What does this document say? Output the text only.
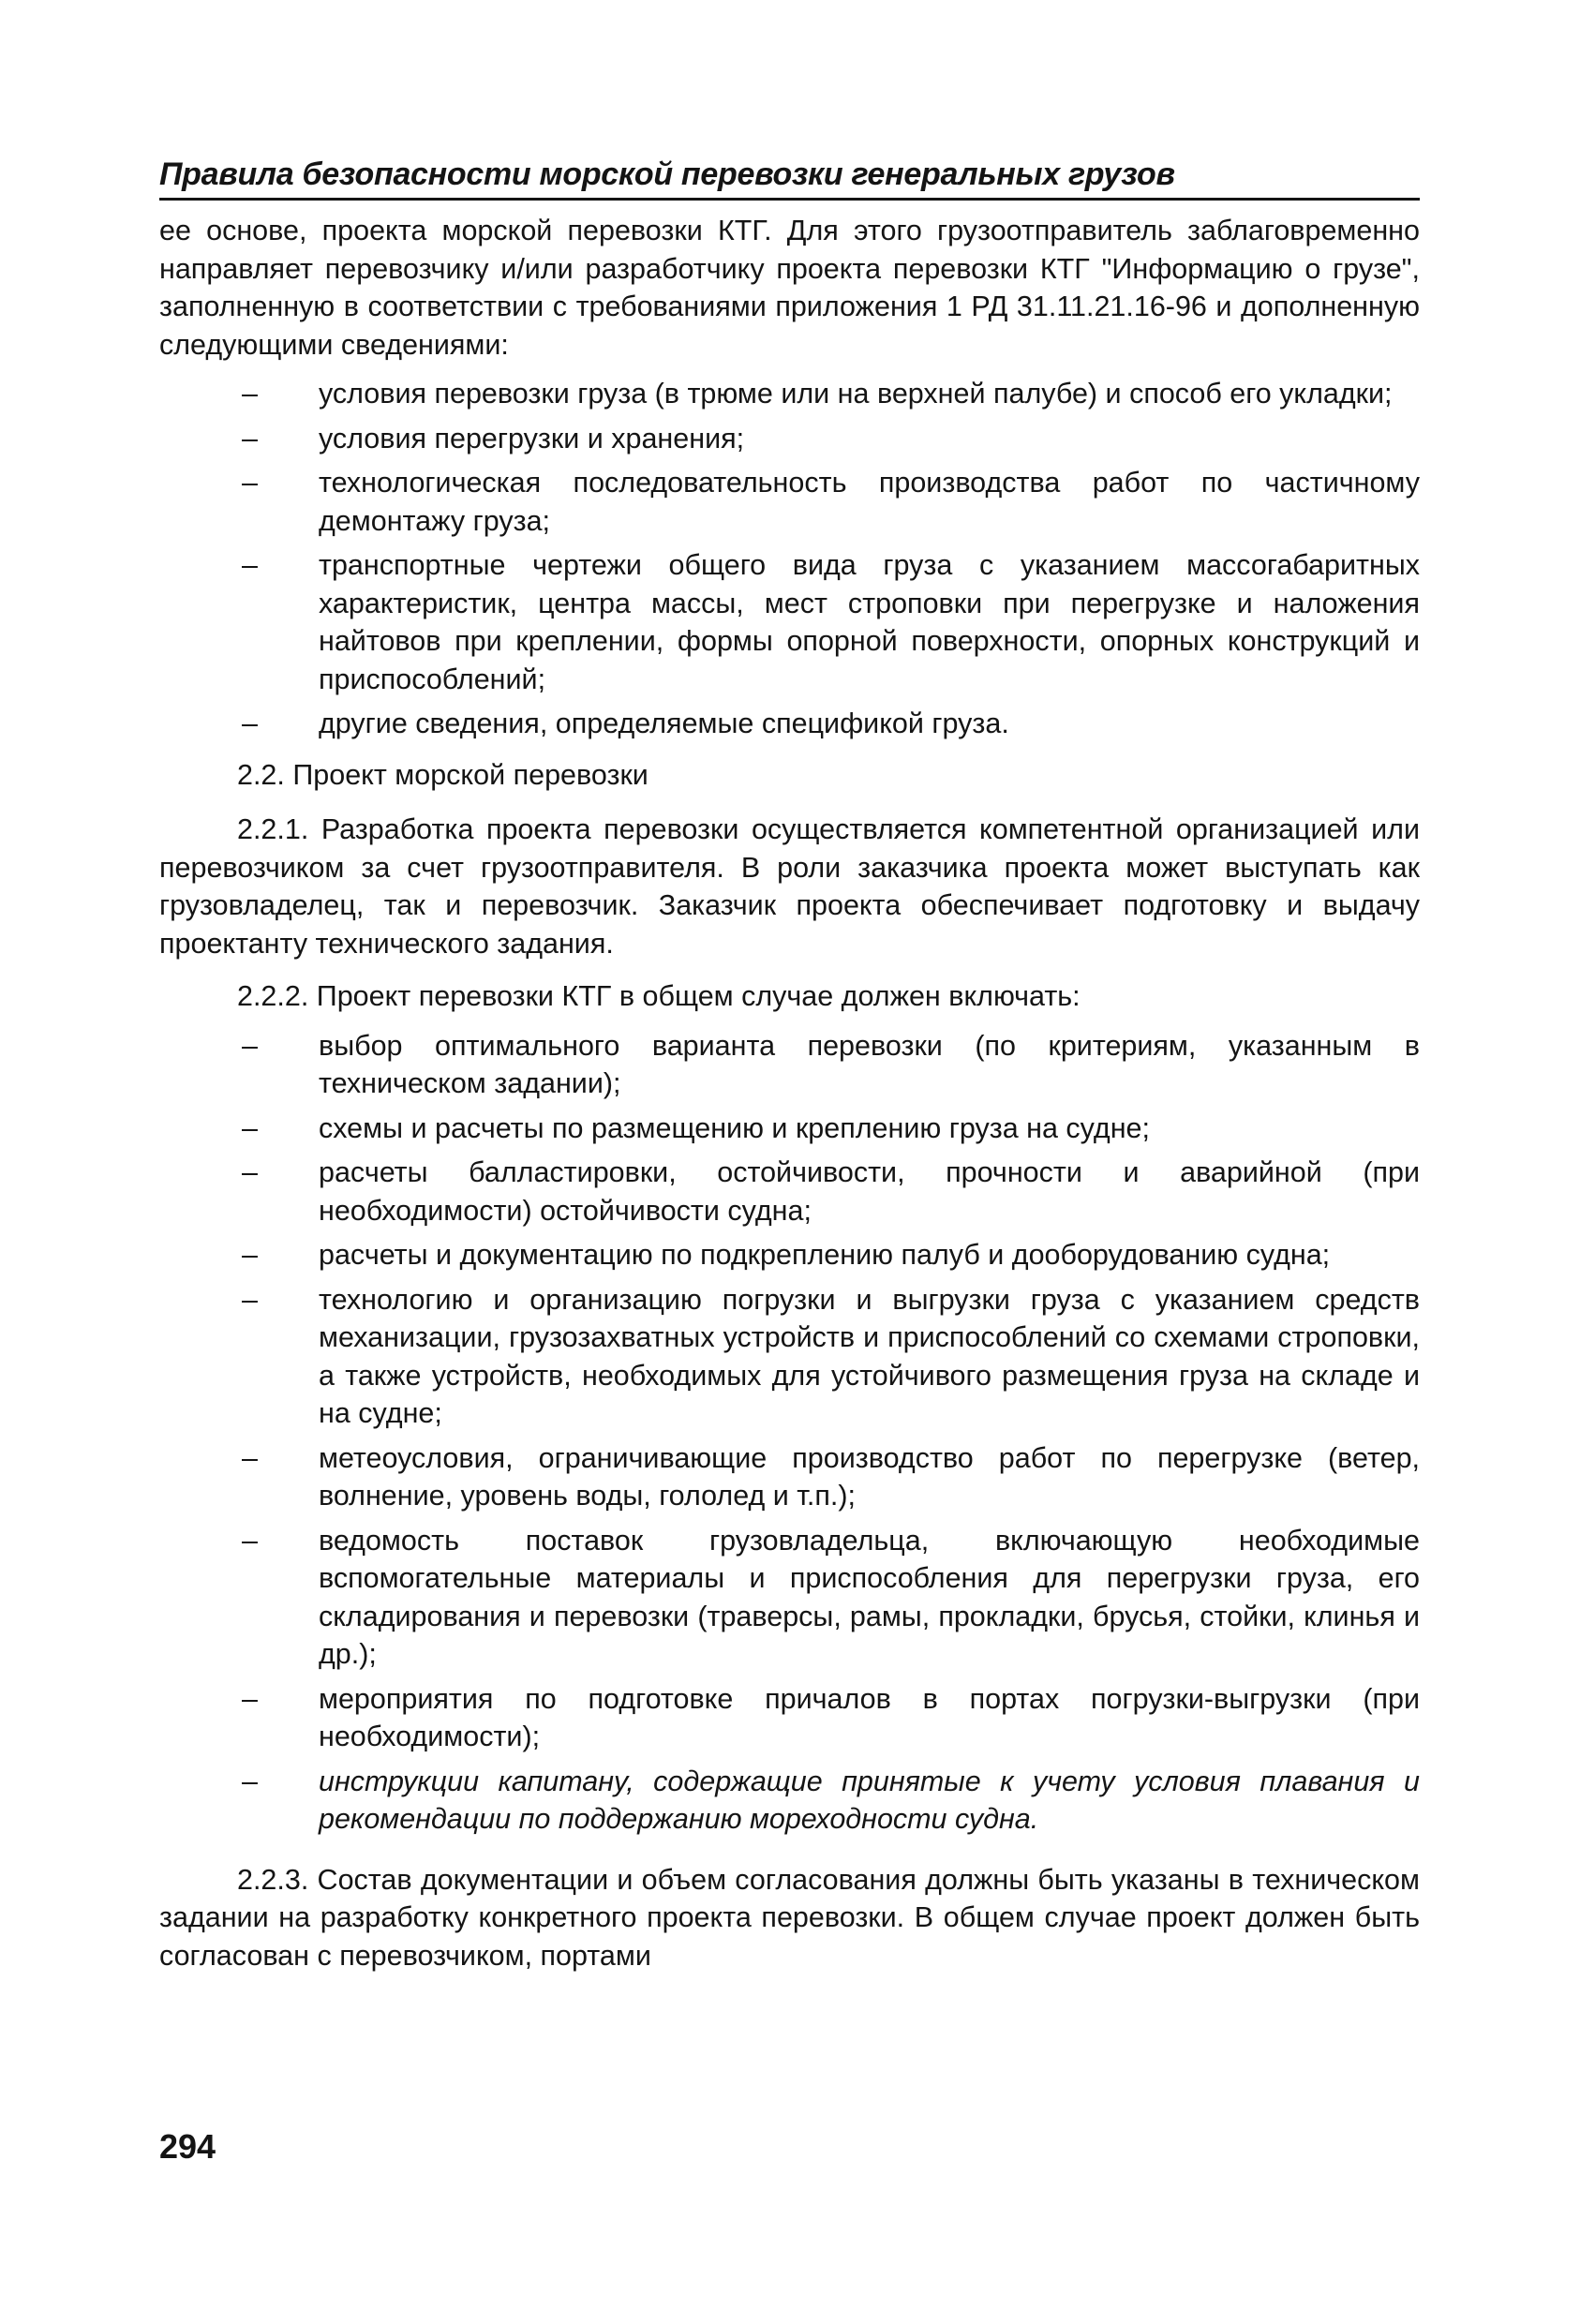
Правила безопасности морской перевозки генеральных грузов

ее основе, проекта морской перевозки КТГ. Для этого грузоотправитель заблаговременно направляет перевозчику и/или разработчику проекта перевозки КТГ "Информацию о грузе", заполненную в соответствии с требованиями приложения 1 РД 31.11.21.16-96 и дополненную следующими сведениями:

– условия перевозки груза (в трюме или на верхней палубе) и способ его укладки;
– условия перегрузки и хранения;
– технологическая последовательность производства работ по частичному демонтажу груза;
– транспортные чертежи общего вида груза с указанием массогабаритных характеристик, центра массы, мест строповки при перегрузке и наложения найтовов при креплении, формы опорной поверхности, опорных конструкций и приспособлений;
– другие сведения, определяемые спецификой груза.

2.2. Проект морской перевозки

2.2.1. Разработка проекта перевозки осуществляется компетентной организацией или перевозчиком за счет грузоотправителя. В роли заказчика проекта может выступать как грузовладелец, так и перевозчик. Заказчик проекта обеспечивает подготовку и выдачу проектанту технического задания.

2.2.2. Проект перевозки КТГ в общем случае должен включать:

– выбор оптимального варианта перевозки (по критериям, указанным в техническом задании);
– схемы и расчеты по размещению и креплению груза на судне;
– расчеты балластировки, остойчивости, прочности и аварийной (при необходимости) остойчивости судна;
– расчеты и документацию по подкреплению палуб и дооборудованию судна;
– технологию и организацию погрузки и выгрузки груза с указанием средств механизации, грузозахватных устройств и приспособлений со схемами строповки, а также устройств, необходимых для устойчивого размещения груза на складе и на судне;
– метеоусловия, ограничивающие производство работ по перегрузке (ветер, волнение, уровень воды, гололед и т.п.);
– ведомость поставок грузовладельца, включающую необходимые вспомогательные материалы и приспособления для перегрузки груза, его складирования и перевозки (траверсы, рамы, прокладки, брусья, стойки, клинья и др.);
– мероприятия по подготовке причалов в портах погрузки-выгрузки (при необходимости);
– инструкции капитану, содержащие принятые к учету условия плавания и рекомендации по поддержанию мореходности судна.

2.2.3. Состав документации и объем согласования должны быть указаны в техническом задании на разработку конкретного проекта перевозки. В общем случае проект должен быть согласован с перевозчиком, портами

294
